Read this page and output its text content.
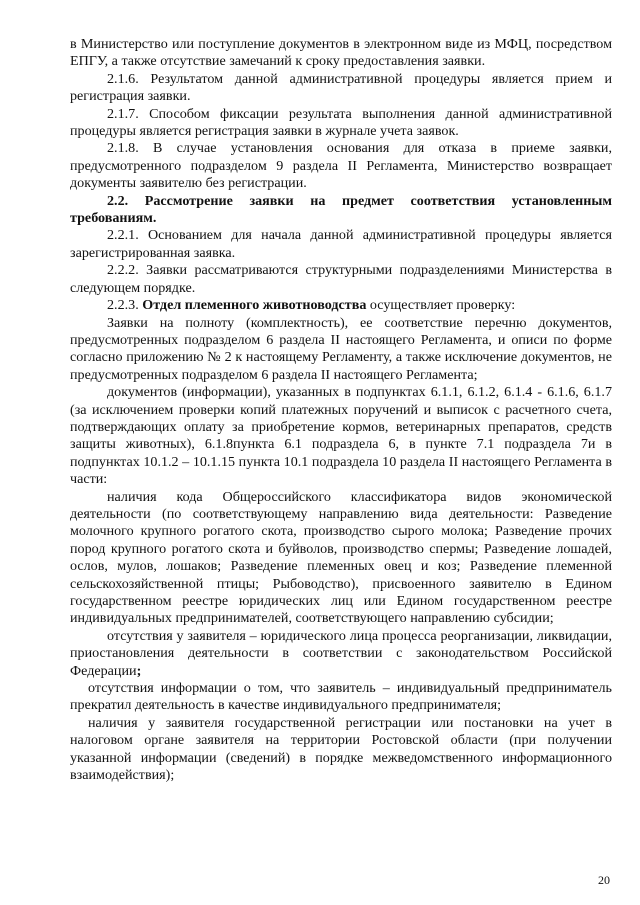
в Министерство или поступление документов в электронном виде из МФЦ, посредством ЕПГУ, а также отсутствие замечаний к сроку предоставления заявки.

2.1.6. Результатом данной административной процедуры является прием и регистрация заявки.

2.1.7. Способом фиксации результата выполнения данной административной процедуры является регистрация заявки в журнале учета заявок.

2.1.8. В случае установления основания для отказа в приеме заявки, предусмотренного подразделом 9 раздела II Регламента, Министерство возвращает документы заявителю без регистрации.

2.2. Рассмотрение заявки на предмет соответствия установленным требованиям.

2.2.1. Основанием для начала данной административной процедуры является зарегистрированная заявка.

2.2.2. Заявки рассматриваются структурными подразделениями Министерства в следующем порядке.

2.2.3. Отдел племенного животноводства осуществляет проверку:

Заявки на полноту (комплектность), ее соответствие перечню документов, предусмотренных подразделом 6 раздела II настоящего Регламента, и описи по форме согласно приложению № 2 к настоящему Регламенту, а также исключение документов, не предусмотренных подразделом 6 раздела II настоящего Регламента;

документов (информации), указанных в подпунктах 6.1.1, 6.1.2, 6.1.4 - 6.1.6, 6.1.7 (за исключением проверки копий платежных поручений и выписок с расчетного счета, подтверждающих оплату за приобретение кормов, ветеринарных препаратов, средств защиты животных), 6.1.8пункта 6.1 подраздела 6, в пункте 7.1 подраздела 7и в подпунктах 10.1.2 – 10.1.15 пункта 10.1 подраздела 10 раздела II настоящего Регламента в части:

наличия кода Общероссийского классификатора видов экономической деятельности (по соответствующему направлению вида деятельности: Разведение молочного крупного рогатого скота, производство сырого молока; Разведение прочих пород крупного рогатого скота и буйволов, производство спермы; Разведение лошадей, ослов, мулов, лошаков; Разведение племенных овец и коз; Разведение племенной сельскохозяйственной птицы; Рыбоводство), присвоенного заявителю в Едином государственном реестре юридических лиц или Едином государственном реестре индивидуальных предпринимателей, соответствующего направлению субсидии;

отсутствия у заявителя – юридического лица процесса реорганизации, ликвидации, приостановления деятельности в соответствии с законодательством Российской Федерации;

отсутствия информации о том, что заявитель – индивидуальный предприниматель прекратил деятельность в качестве индивидуального предпринимателя;

наличия у заявителя государственной регистрации или постановки на учет в налоговом органе заявителя на территории Ростовской области (при получении указанной информации (сведений) в порядке межведомственного информационного взаимодействия);

20
